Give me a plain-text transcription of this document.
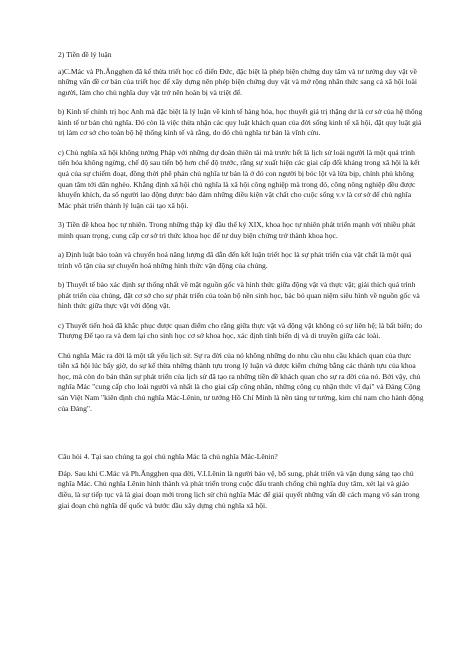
2) Tiền đề lý luận

a)C.Mác và Ph.Ăngghen đã kế thừa triết học cổ điển Đức, đặc biệt là phép biện chứng duy tâm và tư tưởng duy vật về những vấn đề cơ bản của triết học để xây dựng nên phép biện chứng duy vật và mở rộng nhãn thức sang cả xã hội loài người, làm cho chủ nghĩa duy vật trở nên hoàn bị và triệt để.

b) Kinh tế chính trị học Anh mà đặc biệt là lý luận về kinh tế hàng hóa, học thuyết giá trị thặng dư là cơ sở của hệ thống kinh tế tư bản chủ nghĩa. Đó còn là việc thừa nhận các quy luật khách quan của đời sống kinh tế xã hội, đặt quy luật giá trị làm cơ sở cho toàn bộ hệ thống kinh tế và rằng, do đó chủ nghĩa tư bản là vĩnh cửu.

c) Chủ nghĩa xã hội không tưởng Pháp với những dự đoán thiên tài mà trước hết là lịch sử loài người là một quá trình tiến hóa không ngừng, chế độ sau tiến bộ hơn chế độ trước, rằng sự xuất hiện các giai cấp đối kháng trong xã hội là kết quả của sự chiếm đoạt, đồng thời phê phán chủ nghĩa tư bản là ở đó con người bị bóc lột và lừa bịp, chính phủ không quan tâm tới dân nghèo. Khẳng định xã hội chủ nghĩa là xã hội công nghiệp mà trong đó, công nông nghiệp đều được khuyến khích, đa số người lao động được bảo đảm những điều kiện vật chất cho cuộc sống v.v là cơ sở để chủ nghĩa Mác phát triển thành lý luận cải tạo xã hội.

3) Tiền đề khoa học tự nhiên. Trong những thập kỷ đầu thế kỷ XIX, khoa học tự nhiên phát triển mạnh với nhiều phát minh quan trọng, cung cấp cơ sở tri thức khoa học để tư duy biện chứng trở thành khoa học.

a) Định luật bảo toàn và chuyển hoá năng lượng đã dẫn đến kết luận triết học là sự phát triển của vật chất là một quá trình vô tận của sự chuyển hoá những hình thức vận động của chúng.

b) Thuyết tế bào xác định sự thống nhất về mặt nguồn gốc và hình thức giữa động vật và thực vật; giải thích quá trình phát triển của chúng, đặt cơ sở cho sự phát triển của toàn bộ nền sinh học, bác bỏ quan niệm siêu hình về nguồn gốc và hình thức giữa thực vật với động vật.

c) Thuyết tiến hoá đã khắc phục được quan điểm cho rằng giữa thực vật và động vật không có sự liên hệ; là bất biến; do Thượng Đế tạo ra và đem lại cho sinh học cơ sở khoa học, xác định tính biến dị và di truyền giữa các loài.

Chủ nghĩa Mác ra đời là một tất yếu lịch sử. Sự ra đời của nó không những do nhu cầu nhu cầu khách quan của thực tiễn xã hội lúc bấy giờ, do sự kế thừa những thành tựu trong lý luận và được kiểm chứng bằng các thành tựu của khoa học, mà còn do bản thân sự phát triển của lịch sử đã tạo ra những tiền đề khách quan cho sự ra đời của nó. Bởi vậy, chủ nghĩa Mác "cung cấp cho loài người và nhất là cho giai cấp công nhân, những công cụ nhận thức vĩ đại" và Đảng Cộng sản Việt Nam "kiên định chủ nghĩa Mác-Lênin, tư tưởng Hồ Chí Minh là nền tảng tư tưởng, kim chỉ nam cho hành động của Đảng".

Câu hỏi 4. Tại sao chúng ta gọi chủ nghĩa Mác là chủ nghĩa Mác-Lênin?

Đáp. Sau khi C.Mác và Ph.Ăngghen qua đời, V.I.Lênin là người bảo vệ, bổ sung, phát triển và vận dụng sáng tạo chủ nghĩa Mác. Chủ nghĩa Lênin hình thành và phát triển trong cuộc đấu tranh chống chủ nghĩa duy tâm, xét lại và giáo điều, là sự tiếp tục và là giai đoạn mới trong lịch sử chủ nghĩa Mác để giải quyết những vấn đề cách mạng vô sản trong giai đoạn chủ nghĩa đế quốc và bước đầu xây dựng chủ nghĩa xã hội.
